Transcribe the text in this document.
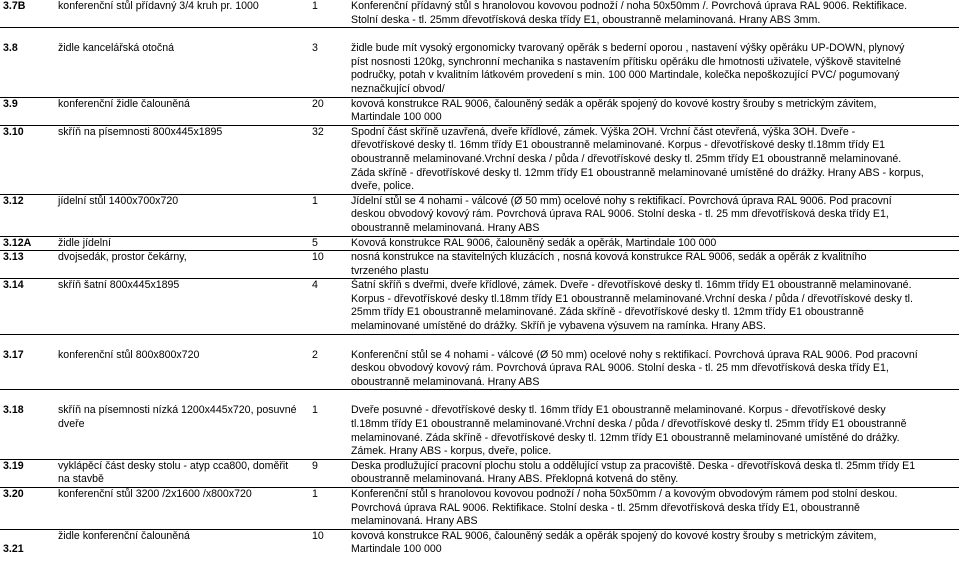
3.7B	konferenční stůl přídavný 3/4 kruh pr. 1000	1	Konferenční přídavný stůl s hranolovou kovovou podnoží / noha 50x50mm /. Povrchová úprava RAL 9006. Rektifikace.
Stolní deska - tl. 25mm dřevotřísková deska třídy E1, oboustranně melaminovaná. Hrany ABS 3mm.

3.8	židle kancelářská otočná	3	židle bude mít vysoký ergonomicky tvarovaný opěrák s bederní oporou , nastavení výšky opěráku UP-DOWN, plynový
píst nosnosti 120kg, synchronní mechanika s nastavením přítisku opěráku dle hmotnosti uživatele, výškově stavitelné
područky, potah v kvalitním látkovém provedení s min. 100 000 Martindale, kolečka nepoškozující PVC/ pogumovaný
neznačkující obvod/
3.9	konferenční židle čalouněná	20	kovová konstrukce RAL 9006, čalouněný sedák a opěrák spojený do kovové kostry šrouby s metrickým závitem,
Martindale 100 000
3.10	skříň na písemnosti 800x445x1895	32	Spodní část skříně uzavřená, dveře křídlové, zámek. Výška 2OH. Vrchní část otevřená, výška 3OH. Dveře -
dřevotřískové desky tl. 16mm třídy E1 oboustranně melaminované. Korpus - dřevotřískové desky tl.18mm třídy E1
oboustranně melaminované.Vrchní deska / půda / dřevotřískové desky tl. 25mm třídy E1 oboustranně melaminované.
Záda skříně - dřevotřískové desky tl. 12mm třídy E1 oboustranně melaminované umístěné do drážky. Hrany ABS - korpus,
dveře, police.
3.12	jídelní stůl 1400x700x720	1	Jídelní stůl se 4 nohami - válcové (Ø 50 mm) ocelové nohy s rektifikací. Povrchová úprava RAL 9006. Pod pracovní
deskou obvodový kovový rám. Povrchová úprava RAL 9006. Stolní deska - tl. 25 mm dřevotřísková deska třídy E1,
oboustranně melaminovaná. Hrany ABS
3.12A	židle jídelní	5	Kovová konstrukce RAL 9006, čalouněný sedák a opěrák, Martindale 100 000
3.13	dvojsedák, prostor čekárny,	10	nosná konstrukce na stavitelných kluzácích , nosná kovová konstrukce RAL 9006, sedák a opěrák z kvalitního
tvrzeného plastu
3.14	skříň šatní 800x445x1895	4	Šatní skříň s dveřmi, dveře křídlové, zámek. Dveře - dřevotřískové desky tl. 16mm třídy E1 oboustranně melaminované.
Korpus - dřevotřískové desky tl.18mm třídy E1 oboustranně melaminované.Vrchní deska / půda / dřevotřískové desky tl.
25mm třídy E1 oboustranně melaminované. Záda skříně - dřevotřískové desky tl. 12mm třídy E1 oboustranně
melaminované umístěné do drážky. Skříň je vybavena výsuvem na ramínka. Hrany ABS.

3.17	konferenční stůl 800x800x720	2	Konferenční stůl se 4 nohami - válcové (Ø 50 mm) ocelové nohy s rektifikací. Povrchová úprava RAL 9006. Pod pracovní
deskou obvodový kovový rám. Povrchová úprava RAL 9006. Stolní deska - tl. 25 mm dřevotřísková deska třídy E1,
oboustranně melaminovaná. Hrany ABS

3.18	skříň na písemnosti nízká 1200x445x720, posuvné
dveře	1	Dveře posuvné - dřevotřískové desky tl. 16mm třídy E1 oboustranně melaminované. Korpus - dřevotřískové desky
tl.18mm třídy E1 oboustranně melaminované.Vrchní deska / půda / dřevotřískové desky tl. 25mm třídy E1 oboustranně
melaminované. Záda skříně - dřevotřískové desky tl. 12mm třídy E1 oboustranně melaminované umístěné do drážky.
Zámek. Hrany ABS - korpus, dveře, police.
3.19	vyklápěcí část desky stolu - atyp cca800, doměřit
na stavbě	9	Deska prodlužující pracovní plochu stolu a oddělující vstup za pracoviště. Deska - dřevotřísková deska tl. 25mm třídy E1
oboustranně melaminovaná. Hrany ABS. Překlopná kotvená do stěny.
3.20	konferenční stůl 3200 /2x1600 /x800x720	1	Konferenční stůl s hranolovou kovovou podnoží / noha 50x50mm / a kovovým obvodovým rámem pod stolní deskou.
Povrchová úprava RAL 9006. Rektifikace. Stolní deska - tl. 25mm dřevotřísková deska třídy E1, oboustranně
melaminovaná. Hrany ABS
3.21	židle konferenční čalouněná	10	kovová konstrukce RAL 9006, čalouněný sedák a opěrák spojený do kovové kostry šrouby s metrickým závitem,
Martindale 100 000
